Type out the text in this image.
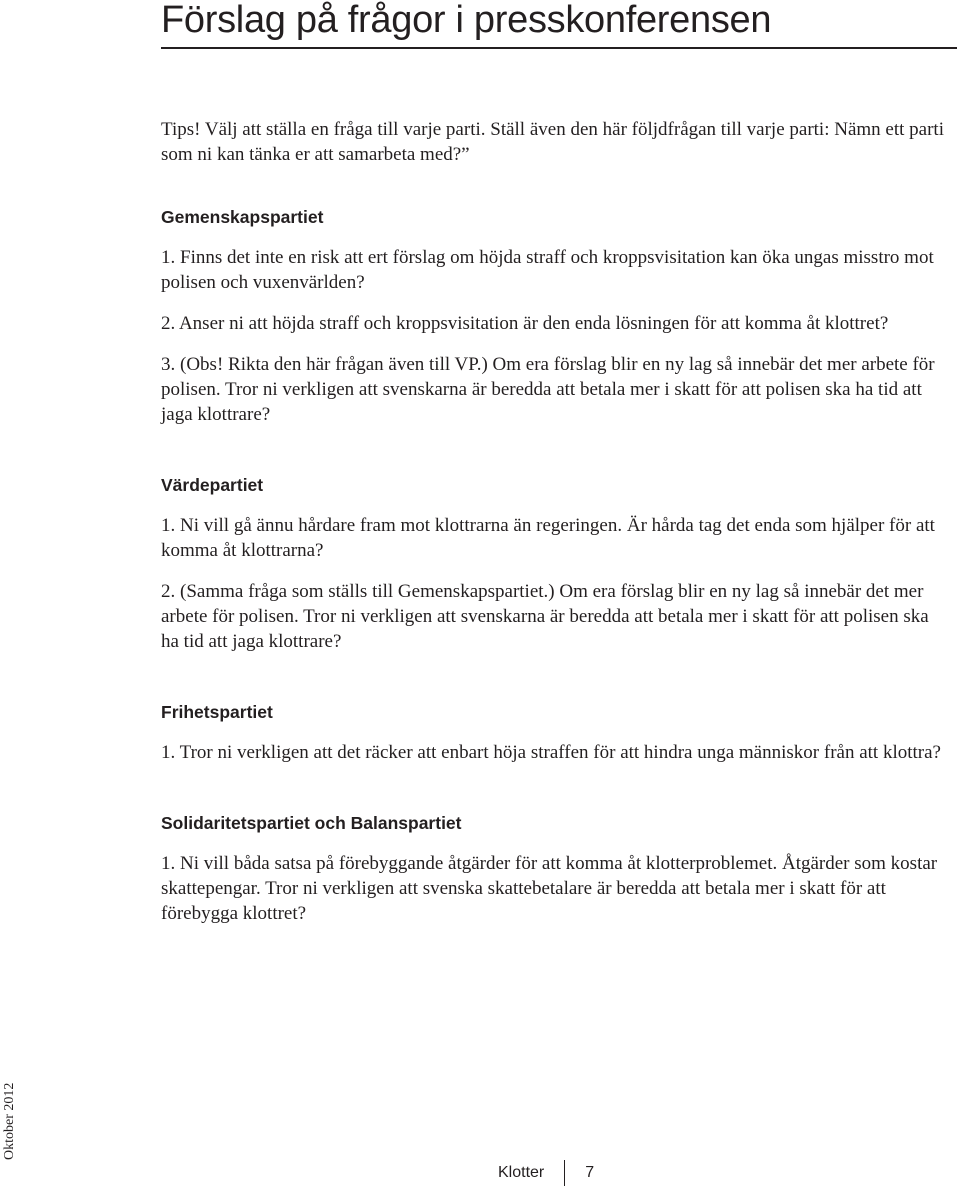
Förslag på frågor i presskonferensen

Tips! Välj att ställa en fråga till varje parti. Ställ även den här följdfrågan till varje parti: Nämn ett parti som ni kan tänka er att samarbeta med?”

Gemenskapspartiet

1. Finns det inte en risk att ert förslag om höjda straff och kroppsvisitation kan öka ungas misstro mot polisen och vuxenvärlden?

2. Anser ni att höjda straff och kroppsvisitation är den enda lösningen för att komma åt klottret?

3. (Obs! Rikta den här frågan även till VP.) Om era förslag blir en ny lag så innebär det mer arbete för polisen. Tror ni verkligen att svenskarna är beredda att betala mer i skatt för att polisen ska ha tid att jaga klottrare?

Värdepartiet

1. Ni vill gå ännu hårdare fram mot klottrarna än regeringen. Är hårda tag det enda som hjälper för att komma åt klottrarna?

2. (Samma fråga som ställs till Gemenskapspartiet.) Om era förslag blir en ny lag så innebär det mer arbete för polisen. Tror ni verkligen att svenskarna är beredda att betala mer i skatt för att polisen ska ha tid att jaga klottrare?

Frihetspartiet

1. Tror ni verkligen att det räcker att enbart höja straffen för att hindra unga människor från att klottra?

Solidaritetspartiet och Balanspartiet

1. Ni vill båda satsa på förebyggande åtgärder för att komma åt klotterproblemet. Åtgärder som kostar skattepengar. Tror ni verkligen att svenska skattebetalare är beredda att betala mer i skatt för att förebygga klottret?

Oktober 2012
Klotter	7
